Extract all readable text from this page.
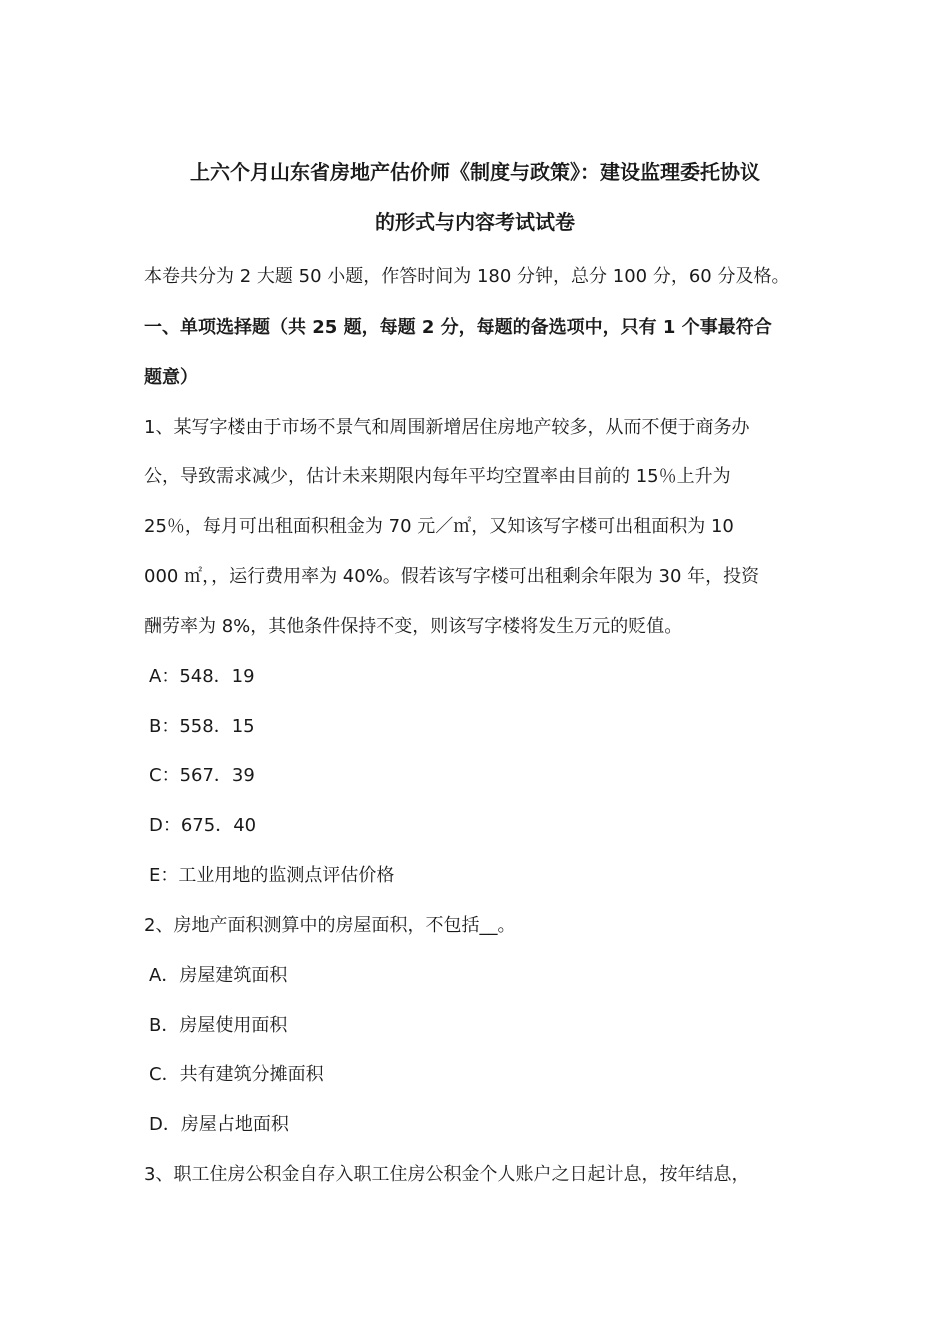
上六个月山东省房地产估价师《制度与政策》：建设监理委托协议
的形式与内容考试试卷
本卷共分为 2 大题 50 小题，作答时间为 180 分钟，总分 100 分，60 分及格。
一、单项选择题（共 25 题，每题 2 分，每题的备选项中，只有 1 个事最符合
题意）
1、某写字楼由于市场不景气和周围新增居住房地产较多，从而不便于商务办
公，导致需求减少，估计未来期限内每年平均空置率由目前的 15％上升为
25％，每月可出租面积租金为 70 元／㎡，又知该写字楼可出租面积为 10
000 ㎡，，运行费用率为 40%。假若该写字楼可出租剩余年限为 30 年，投资
酬劳率为 8%，其他条件保持不变，则该写字楼将发生万元的贬值。
A：548．19
B：558．15
C：567．39
D：675．40
E：工业用地的监测点评估价格
2、房地产面积测算中的房屋面积，不包括__。
A．房屋建筑面积
B．房屋使用面积
C．共有建筑分摊面积
D．房屋占地面积
3、职工住房公积金自存入职工住房公积金个人账户之日起计息，按年结息，
